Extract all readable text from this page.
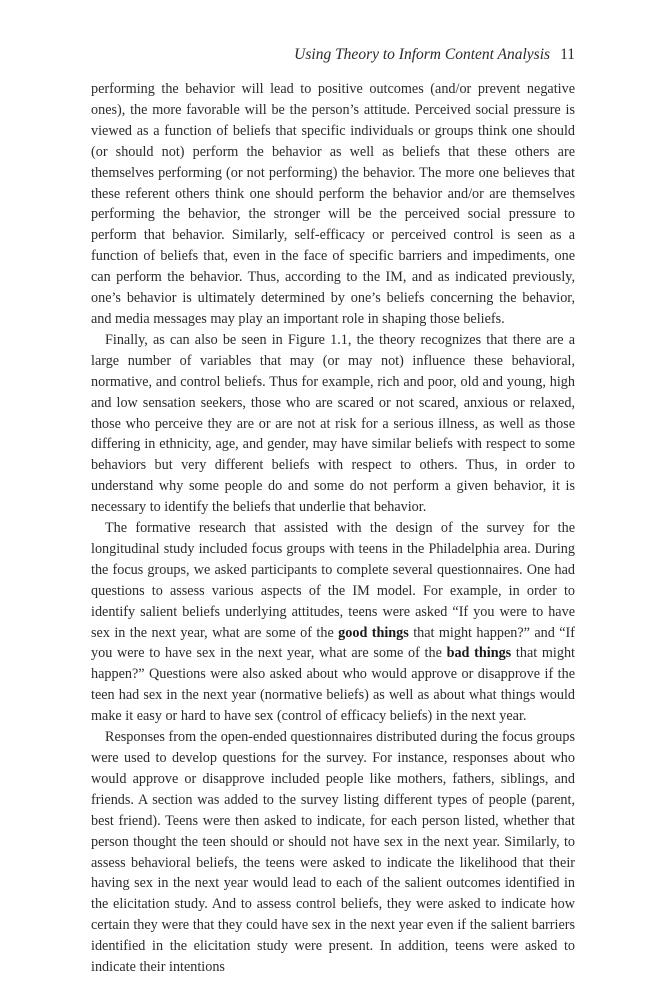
Using Theory to Inform Content Analysis 11

performing the behavior will lead to positive outcomes (and/or prevent negative ones), the more favorable will be the person’s attitude. Perceived social pressure is viewed as a function of beliefs that specific individuals or groups think one should (or should not) perform the behavior as well as beliefs that these others are themselves performing (or not performing) the behavior. The more one believes that these referent others think one should perform the behavior and/or are themselves performing the behavior, the stronger will be the perceived social pressure to perform that behavior. Similarly, self-efficacy or perceived control is seen as a function of beliefs that, even in the face of specific barriers and impediments, one can perform the behavior. Thus, according to the IM, and as indicated previously, one’s behavior is ultimately determined by one’s beliefs concerning the behavior, and media messages may play an important role in shaping those beliefs.

Finally, as can also be seen in Figure 1.1, the theory recognizes that there are a large number of variables that may (or may not) influence these behavioral, normative, and control beliefs. Thus for example, rich and poor, old and young, high and low sensation seekers, those who are scared or not scared, anxious or relaxed, those who perceive they are or are not at risk for a serious illness, as well as those differing in ethnicity, age, and gender, may have similar beliefs with respect to some behaviors but very different beliefs with respect to others. Thus, in order to understand why some people do and some do not perform a given behavior, it is necessary to identify the beliefs that underlie that behavior.

The formative research that assisted with the design of the survey for the longitudinal study included focus groups with teens in the Philadelphia area. During the focus groups, we asked participants to complete several questionnaires. One had questions to assess various aspects of the IM model. For example, in order to identify salient beliefs underlying attitudes, teens were asked “If you were to have sex in the next year, what are some of the good things that might happen?” and “If you were to have sex in the next year, what are some of the bad things that might happen?” Questions were also asked about who would approve or disapprove if the teen had sex in the next year (normative beliefs) as well as about what things would make it easy or hard to have sex (control of efficacy beliefs) in the next year.

Responses from the open-ended questionnaires distributed during the focus groups were used to develop questions for the survey. For instance, responses about who would approve or disapprove included people like mothers, fathers, siblings, and friends. A section was added to the survey listing different types of people (parent, best friend). Teens were then asked to indicate, for each person listed, whether that person thought the teen should or should not have sex in the next year. Similarly, to assess behavioral beliefs, the teens were asked to indicate the likelihood that their having sex in the next year would lead to each of the salient outcomes identified in the elicitation study. And to assess control beliefs, they were asked to indicate how certain they were that they could have sex in the next year even if the salient barriers identified in the elicitation study were present. In addition, teens were asked to indicate their intentions
